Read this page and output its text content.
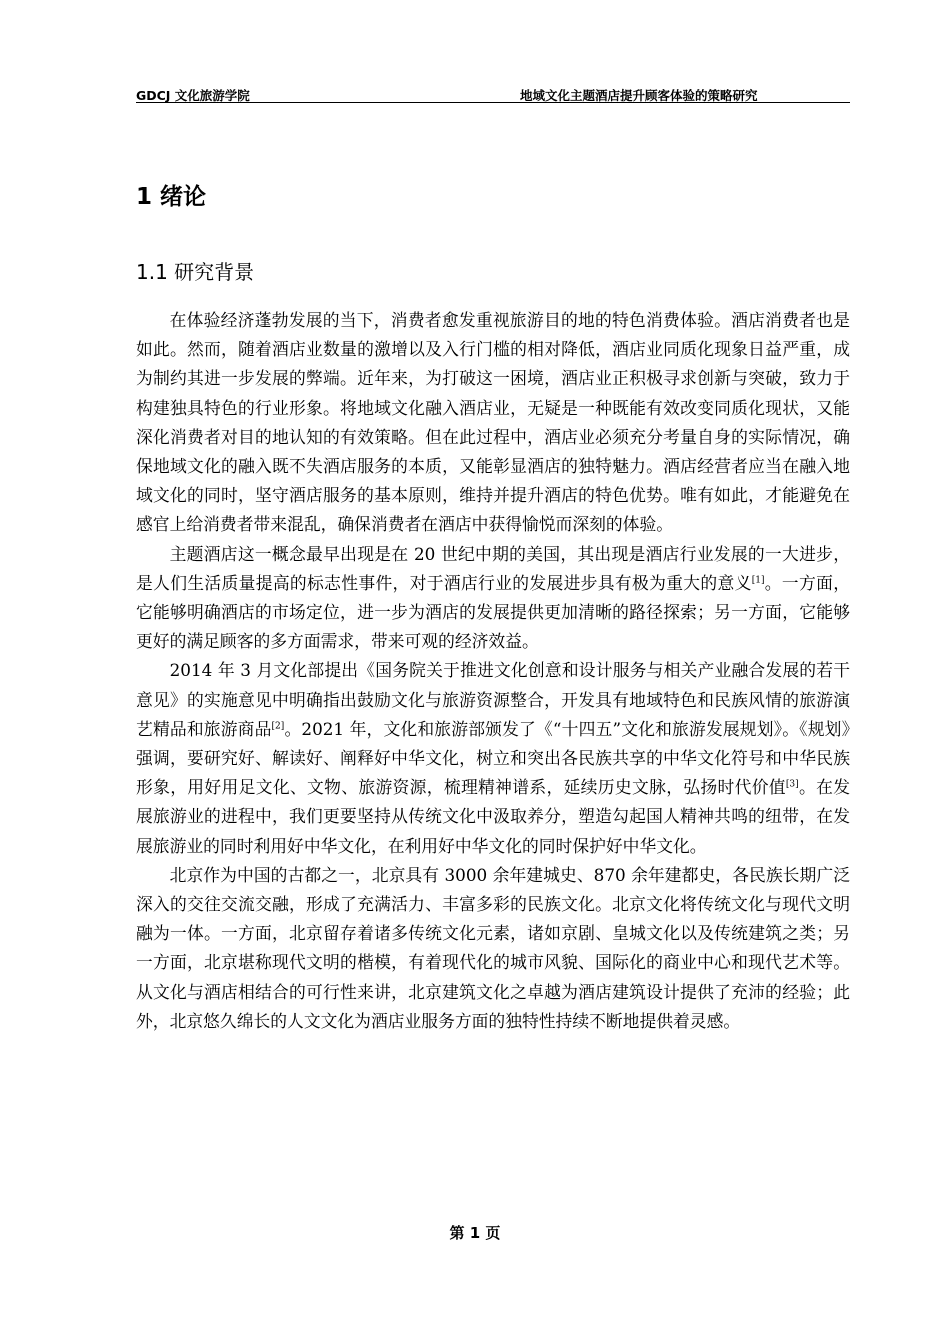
GDCJ 文化旅游学院	地域文化主题酒店提升顾客体验的策略研究
1 绪论
1.1 研究背景

在体验经济蓬勃发展的当下，消费者愈发重视旅游目的地的特色消费体验。酒店消费者也是如此。然而，随着酒店业数量的激增以及入行门槛的相对降低，酒店业同质化现象日益严重，成为制约其进一步发展的弊端。近年来，为打破这一困境，酒店业正积极寻求创新与突破，致力于构建独具特色的行业形象。将地域文化融入酒店业，无疑是一种既能有效改变同质化现状，又能深化消费者对目的地认知的有效策略。但在此过程中，酒店业必须充分考量自身的实际情况，确保地域文化的融入既不失酒店服务的本质，又能彰显酒店的独特魅力。酒店经营者应当在融入地域文化的同时，坚守酒店服务的基本原则，维持并提升酒店的特色优势。唯有如此，才能避免在感官上给消费者带来混乱，确保消费者在酒店中获得愉悦而深刻的体验。

主题酒店这一概念最早出现是在 20 世纪中期的美国，其出现是酒店行业发展的一大进步，是人们生活质量提高的标志性事件，对于酒店行业的发展进步具有极为重大的意义[1]。一方面，它能够明确酒店的市场定位，进一步为酒店的发展提供更加清晰的路径探索；另一方面，它能够更好的满足顾客的多方面需求，带来可观的经济效益。

2014 年 3 月文化部提出《国务院关于推进文化创意和设计服务与相关产业融合发展的若干意见》的实施意见中明确指出鼓励文化与旅游资源整合，开发具有地域特色和民族风情的旅游演艺精品和旅游商品[2]。2021 年，文化和旅游部颁发了《“十四五”文化和旅游发展规划》。《规划》强调，要研究好、解读好、阐释好中华文化，树立和突出各民族共享的中华文化符号和中华民族形象，用好用足文化、文物、旅游资源，梳理精神谱系，延续历史文脉，弘扬时代价值[3]。在发展旅游业的进程中，我们更要坚持从传统文化中汲取养分，塑造勾起国人精神共鸣的纽带，在发展旅游业的同时利用好中华文化，在利用好中华文化的同时保护好中华文化。

北京作为中国的古都之一，北京具有 3000 余年建城史、870 余年建都史，各民族长期广泛深入的交往交流交融，形成了充满活力、丰富多彩的民族文化。北京文化将传统文化与现代文明融为一体。一方面，北京留存着诸多传统文化元素，诸如京剧、皇城文化以及传统建筑之类；另一方面，北京堪称现代文明的楷模，有着现代化的城市风貌、国际化的商业中心和现代艺术等。从文化与酒店相结合的可行性来讲，北京建筑文化之卓越为酒店建筑设计提供了充沛的经验；此外，北京悠久绵长的人文文化为酒店业服务方面的独特性持续不断地提供着灵感。

第 1 页
